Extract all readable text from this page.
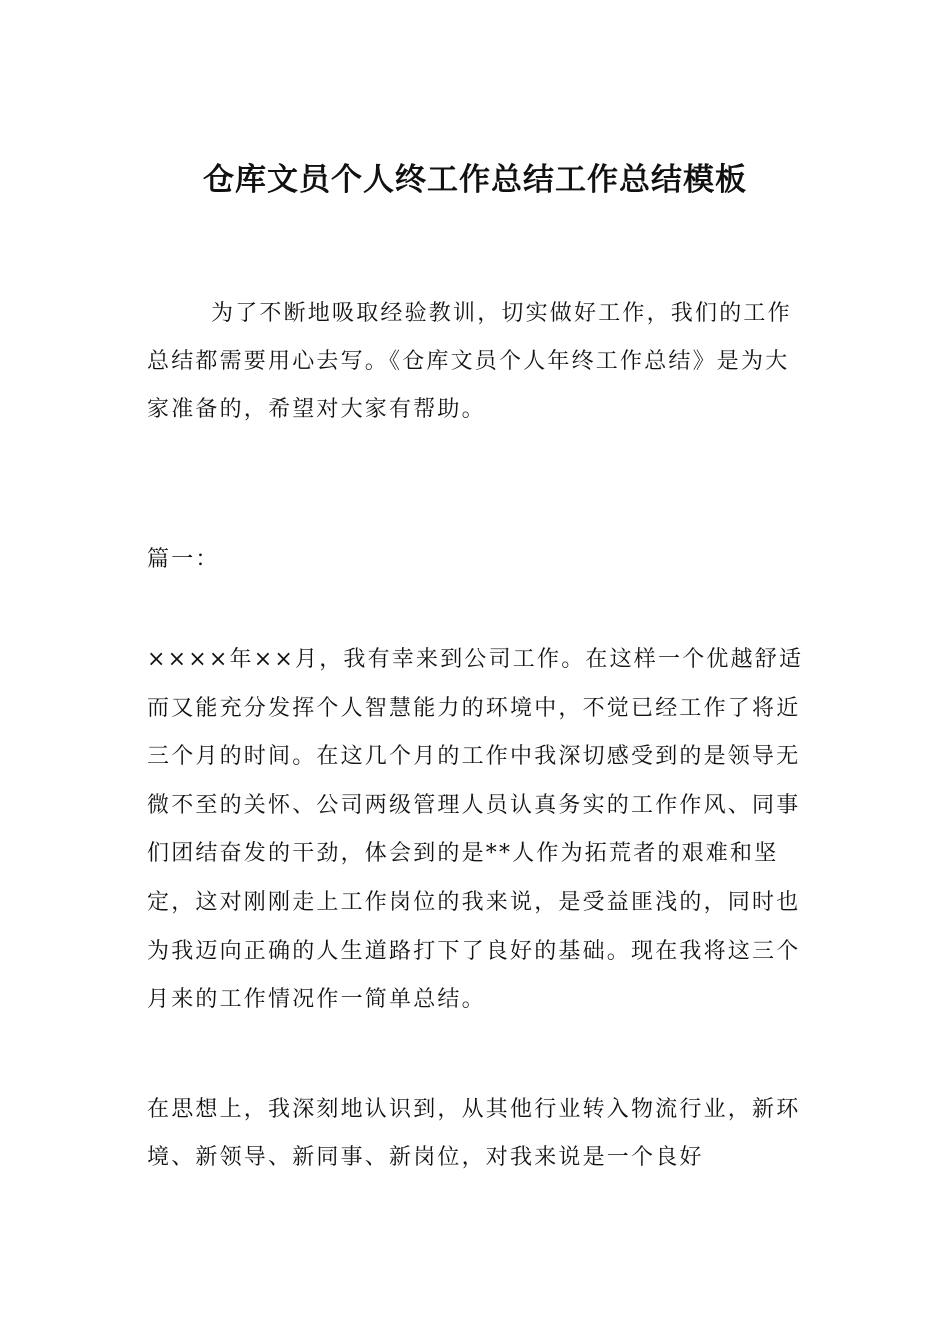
仓库文员个人终工作总结工作总结模板

为了不断地吸取经验教训，切实做好工作，我们的工作总结都需要用心去写。《仓库文员个人年终工作总结》是为大家准备的，希望对大家有帮助。

篇一：

××××年××月，我有幸来到公司工作。在这样一个优越舒适而又能充分发挥个人智慧能力的环境中，不觉已经工作了将近三个月的时间。在这几个月的工作中我深切感受到的是领导无微不至的关怀、公司两级管理人员认真务实的工作作风、同事们团结奋发的干劲，体会到的是**人作为拓荒者的艰难和坚定，这对刚刚走上工作岗位的我来说，是受益匪浅的，同时也为我迈向正确的人生道路打下了良好的基础。现在我将这三个月来的工作情况作一简单总结。

在思想上，我深刻地认识到，从其他行业转入物流行业，新环境、新领导、新同事、新岗位，对我来说是一个良好
